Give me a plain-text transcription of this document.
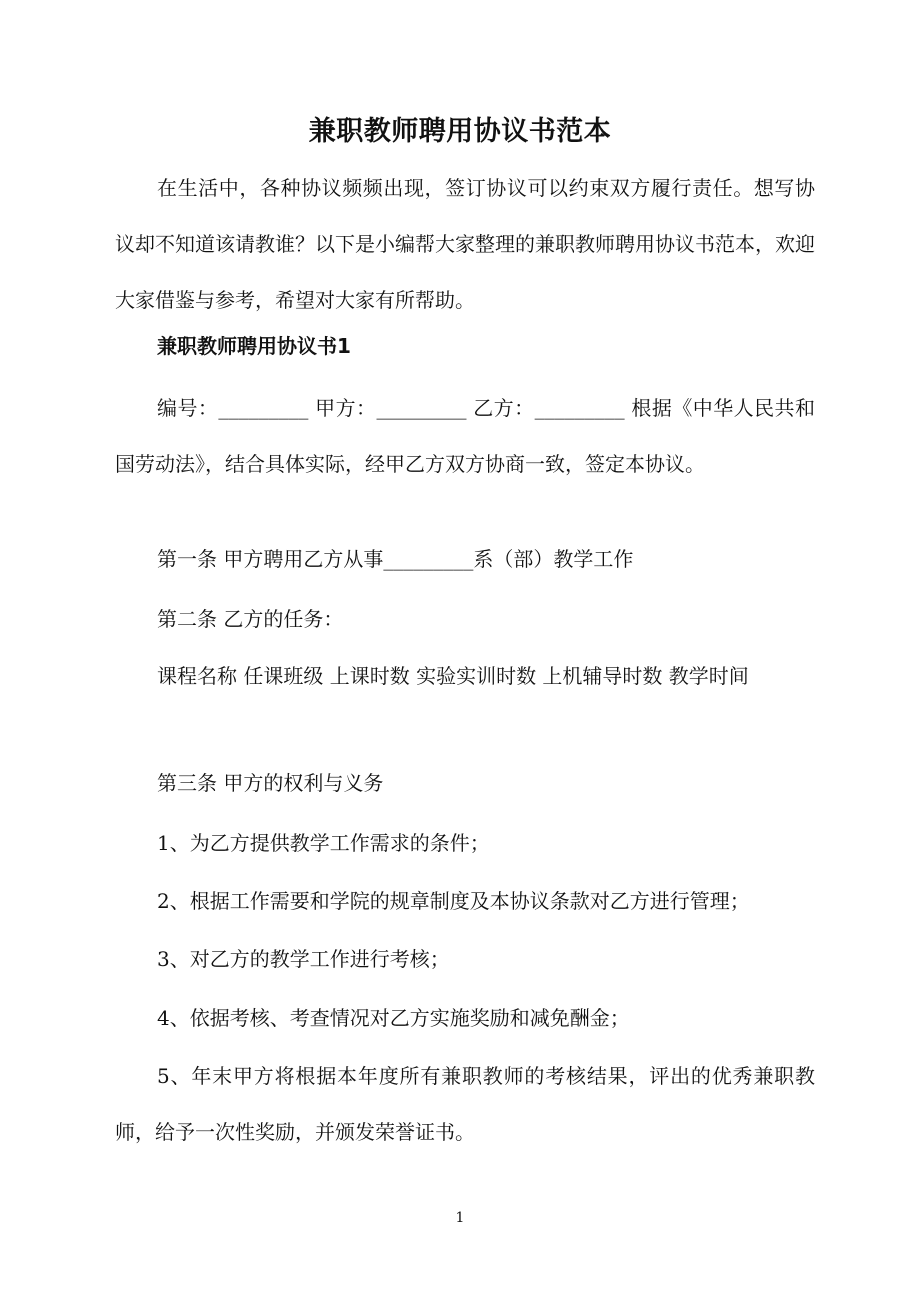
兼职教师聘用协议书范本

在生活中，各种协议频频出现，签订协议可以约束双方履行责任。想写协议却不知道该请教谁？以下是小编帮大家整理的兼职教师聘用协议书范本，欢迎大家借鉴与参考，希望对大家有所帮助。

兼职教师聘用协议书1

编号：_________ 甲方：_________ 乙方：_________ 根据《中华人民共和国劳动法》，结合具体实际，经甲乙方双方协商一致，签定本协议。

第一条 甲方聘用乙方从事_________系（部）教学工作

第二条 乙方的任务：

课程名称 任课班级 上课时数 实验实训时数 上机辅导时数 教学时间

第三条 甲方的权利与义务

1、为乙方提供教学工作需求的条件；

2、根据工作需要和学院的规章制度及本协议条款对乙方进行管理；

3、对乙方的教学工作进行考核；

4、依据考核、考查情况对乙方实施奖励和减免酬金；

5、年末甲方将根据本年度所有兼职教师的考核结果，评出的优秀兼职教师，给予一次性奖励，并颁发荣誉证书。

1
